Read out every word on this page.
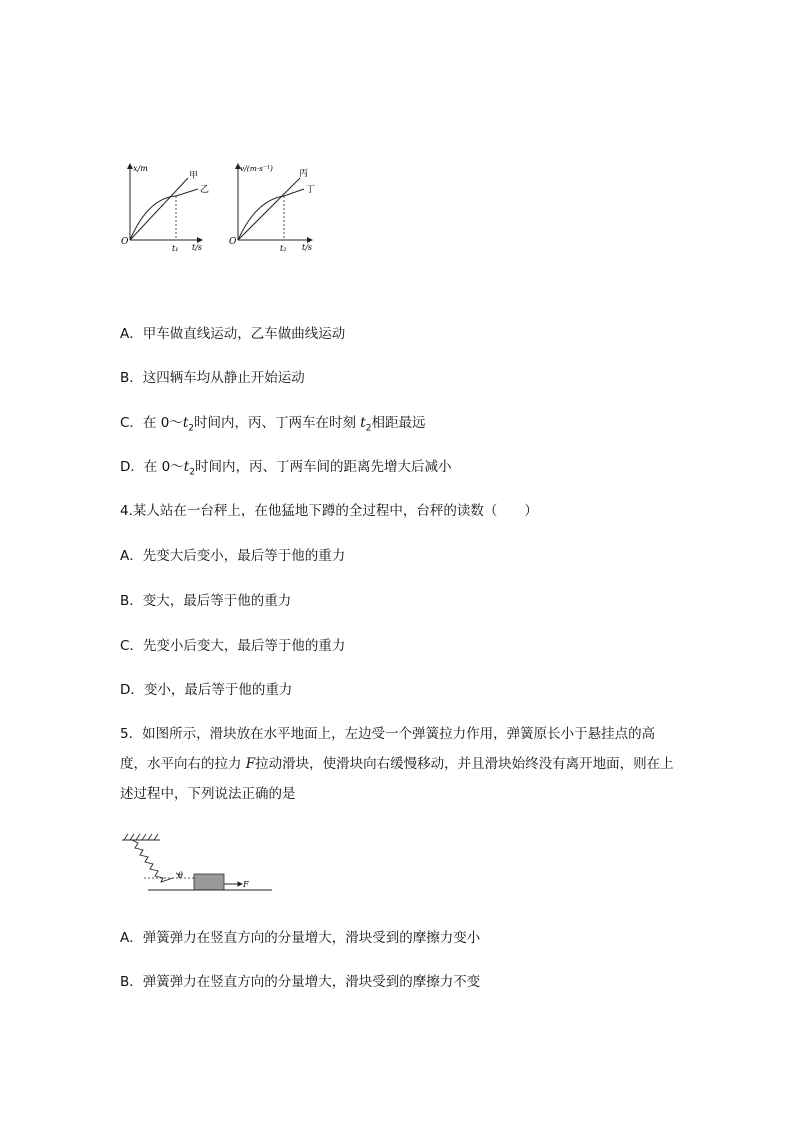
x/m
t/s
O
t₁
甲
乙
v/(m·s⁻¹)
t/s
O
t₂
丙
丁
A．甲车做直线运动，乙车做曲线运动
B．这四辆车均从静止开始运动
C．在 $0\sim t_2$时间内，丙、丁两车在时刻 $t_2$相距最远
D．在 $0\sim t_2$时间内，丙、丁两车间的距离先增大后减小
4.某人站在一台秤上，在他猛地下蹲的全过程中，台秤的读数（　　）
A．先变大后变小，最后等于他的重力
B．变大，最后等于他的重力
C．先变小后变大，最后等于他的重力
D．变小，最后等于他的重力
5．如图所示，滑块放在水平地面上，左边受一个弹簧拉力作用，弹簧原长小于悬挂点的高度，水平向右的拉力 F拉动滑块，使滑块向右缓慢移动，并且滑块始终没有离开地面，则在上述过程中，下列说法正确的是
θ
F
A．弹簧弹力在竖直方向的分量增大，滑块受到的摩擦力变小
B．弹簧弹力在竖直方向的分量增大，滑块受到的摩擦力不变
